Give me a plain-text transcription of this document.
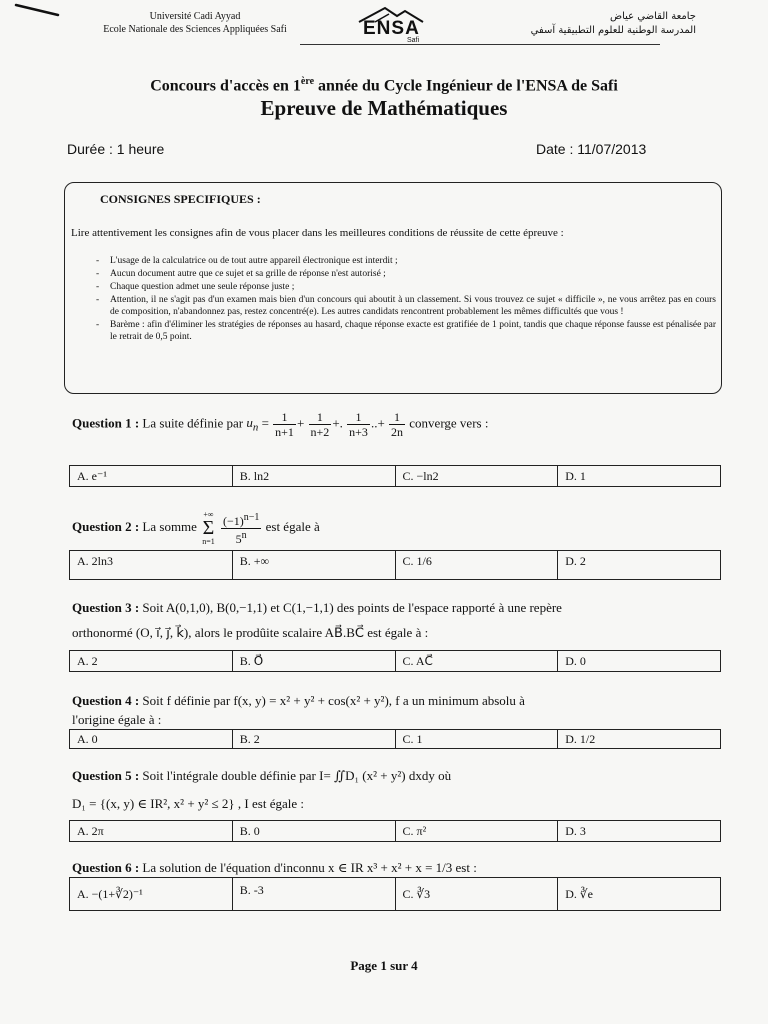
Université Cadi Ayyad
Ecole Nationale des Sciences Appliquées Safi	ENSA
Safi
جامعة القاضي عياض
المدرسة الوطنية للعلوم التطبيقية آسفي
Concours d'accès en 1ère année du Cycle Ingénieur de l'ENSA de Safi
Epreuve de Mathématiques
Durée : 1 heure	Date : 11/07/2013
CONSIGNES SPECIFIQUES :
Lire attentivement les consignes afin de vous placer dans les meilleures conditions de réussite de cette épreuve :
- L'usage de la calculatrice ou de tout autre appareil électronique est interdit ;
- Aucun document autre que ce sujet et sa grille de réponse n'est autorisé ;
- Chaque question admet une seule réponse juste ;
- Attention, il ne s'agit pas d'un examen mais bien d'un concours qui aboutit à un classement. Si vous trouvez ce sujet « difficile », ne vous arrêtez pas en cours de composition, n'abandonnez pas, restez concentré(e). Les autres candidats rencontrent probablement les mêmes difficultés que vous !
- Barème : afin d'éliminer les stratégies de réponses au hasard, chaque réponse exacte est gratifiée de 1 point, tandis que chaque réponse fausse est pénalisée par le retrait de 0,5 point.
Question 1 : La suite définie par $u_n = \frac{1}{n+1} + \frac{1}{n+2}$ +. $\frac{1}{n+3}$ ..+ $\frac{1}{2n}$ converge vers :
A. e⁻¹	B. ln2	C. −ln2	D. 1
Question 2 : La somme +∞
Σ
$n=1 \frac{(-1)^{n-1}}{5^n}$ est égale à
A. 2ln3	B. +∞	C. 1/6	D. 2
Question 3 : Soit A(0,1,0), B(0,−1,1) et C(1,−1,1) des points de l'espace rapporté à une repère
orthonormé (O, i⃗, j⃗, k⃗), alors le prodûite scalaire AB⃗.BC⃗ est égale à :
A. 2	B. O⃗	C. AC⃗	D. 0
Question 4 : Soit f définie par f(x, y) = x² + y² + cos(x² + y²), f a un minimum absolu à
l'origine égale à :
A. 0	B. 2	C. 1	D. 1/2
Question 5 : Soit l'intégrale double définie par I= ∬D₁ (x² + y²) dxdy où
D₁ = {(x, y) ∈ IR², x² + y² ≤ 2} , I est égale :
A. 2π	B. 0	C. π²	D. 3
Question 6 : La solution de l'équation d'inconnu x ∈ IR x³ + x² + x = 1/3 est :
A. −(1+∛2)⁻¹	B. -3	C. ∛3	D. ∛e
Page 1 sur 4
